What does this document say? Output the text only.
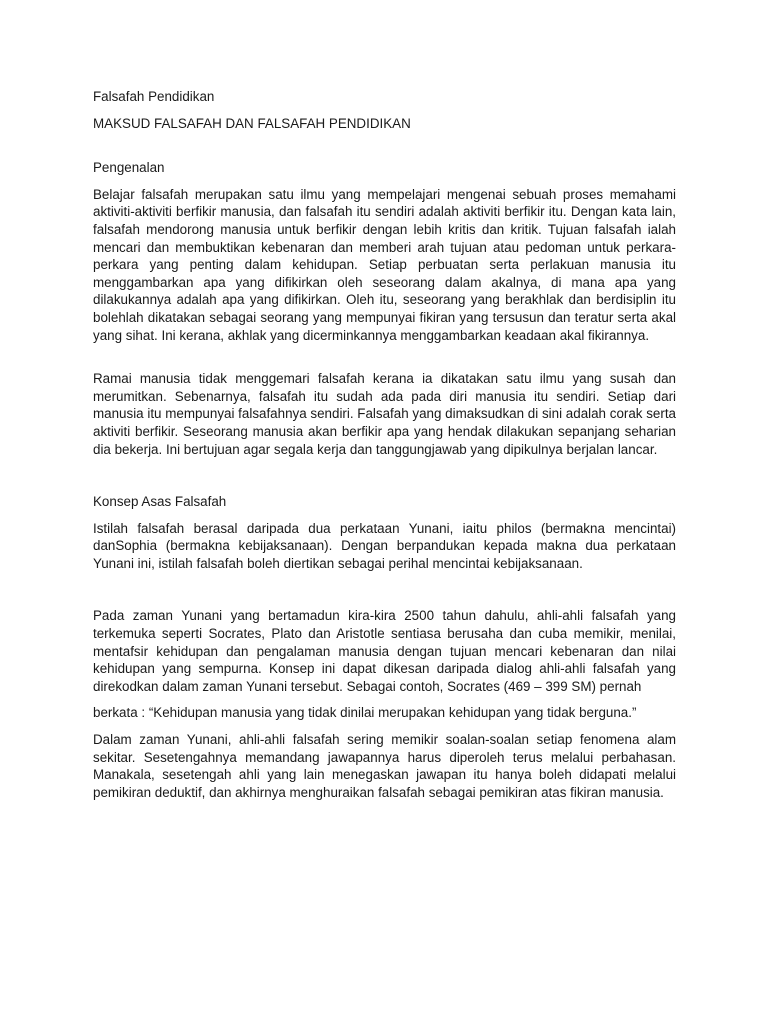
Falsafah Pendidikan

MAKSUD FALSAFAH DAN FALSAFAH PENDIDIKAN

Pengenalan

Belajar falsafah merupakan satu ilmu yang mempelajari mengenai sebuah proses memahami aktiviti-aktiviti berfikir manusia, dan falsafah itu sendiri adalah aktiviti berfikir itu. Dengan kata lain, falsafah mendorong manusia untuk berfikir dengan lebih kritis dan kritik. Tujuan falsafah ialah mencari dan membuktikan kebenaran dan memberi arah tujuan atau pedoman untuk perkara-perkara yang penting dalam kehidupan. Setiap perbuatan serta perlakuan manusia itu menggambarkan apa yang difikirkan oleh seseorang dalam akalnya, di mana apa yang dilakukannya adalah apa yang difikirkan. Oleh itu, seseorang yang berakhlak dan berdisiplin itu bolehlah dikatakan sebagai seorang yang mempunyai fikiran yang tersusun dan teratur serta akal yang sihat. Ini kerana, akhlak yang dicerminkannya menggambarkan keadaan akal fikirannya.

Ramai manusia tidak menggemari falsafah kerana ia dikatakan satu ilmu yang susah dan merumitkan. Sebenarnya, falsafah itu sudah ada pada diri manusia itu sendiri. Setiap dari manusia itu mempunyai falsafahnya sendiri. Falsafah yang dimaksudkan di sini adalah corak serta aktiviti berfikir. Seseorang manusia akan berfikir apa yang hendak dilakukan sepanjang seharian dia bekerja. Ini bertujuan agar segala kerja dan tanggungjawab yang dipikulnya berjalan lancar.

Konsep Asas Falsafah

Istilah falsafah berasal daripada dua perkataan Yunani, iaitu philos (bermakna mencintai) danSophia (bermakna kebijaksanaan). Dengan berpandukan kepada makna dua perkataan Yunani ini, istilah falsafah boleh diertikan sebagai perihal mencintai kebijaksanaan.

Pada zaman Yunani yang bertamadun kira-kira 2500 tahun dahulu, ahli-ahli falsafah yang terkemuka seperti Socrates, Plato dan Aristotle sentiasa berusaha dan cuba memikir, menilai, mentafsir kehidupan dan pengalaman manusia dengan tujuan mencari kebenaran dan nilai kehidupan yang sempurna. Konsep ini dapat dikesan daripada dialog ahli-ahli falsafah yang direkodkan dalam zaman Yunani tersebut. Sebagai contoh, Socrates (469 – 399 SM) pernah

berkata : “Kehidupan manusia yang tidak dinilai merupakan kehidupan yang tidak berguna.”

Dalam zaman Yunani, ahli-ahli falsafah sering memikir soalan-soalan setiap fenomena alam sekitar. Sesetengahnya memandang jawapannya harus diperoleh terus melalui perbahasan. Manakala, sesetengah ahli yang lain menegaskan jawapan itu hanya boleh didapati melalui pemikiran deduktif, dan akhirnya menghuraikan falsafah sebagai pemikiran atas fikiran manusia.
